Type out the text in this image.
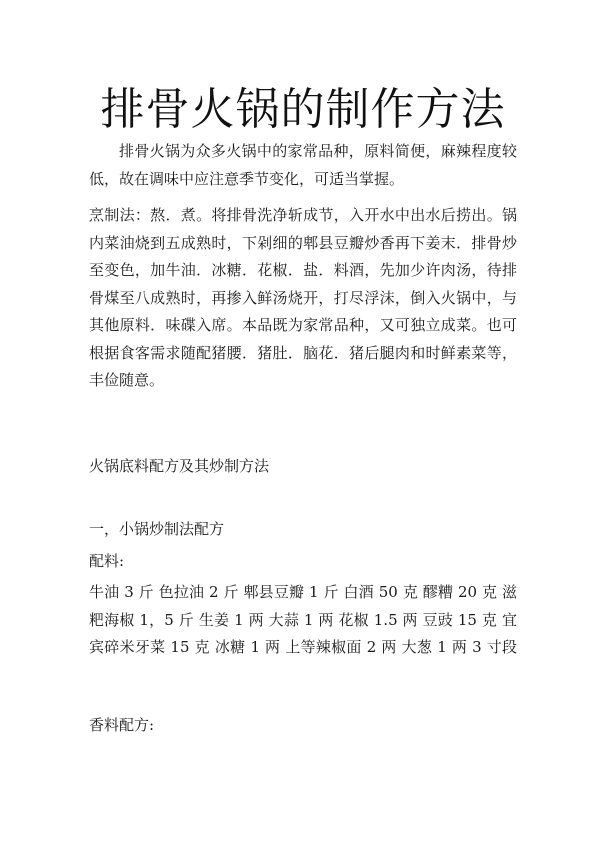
排骨火锅的制作方法
排骨火锅为众多火锅中的家常品种，原料简便，麻辣程度较
低，故在调味中应注意季节变化，可适当掌握。
烹制法：熬．煮。将排骨洗净斩成节，入开水中出水后捞出。锅
内菜油烧到五成熟时，下剁细的郫县豆瓣炒香再下姜末．排骨炒
至变色，加牛油．冰糖．花椒．盐．料酒，先加少许肉汤，待排
骨煤至八成熟时，再掺入鲜汤烧开，打尽浮沫，倒入火锅中，与
其他原料．味碟入席。本品既为家常品种，又可独立成菜。也可
根据食客需求随配猪腰．猪肚．脑花．猪后腿肉和时鲜素菜等，
丰俭随意。

火锅底料配方及其炒制方法

一，小锅炒制法配方

配料:

牛油 3 斤 色拉油 2 斤 郫县豆瓣 1 斤 白酒 50 克 醪糟 20 克 滋
粑海椒 1，5 斤 生姜 1 两 大蒜 1 两 花椒 1.5 两 豆豉 15 克 宜
宾碎米牙菜 15 克 冰糖 1 两 上等辣椒面 2 两 大葱 1 两 3 寸段

香料配方:
